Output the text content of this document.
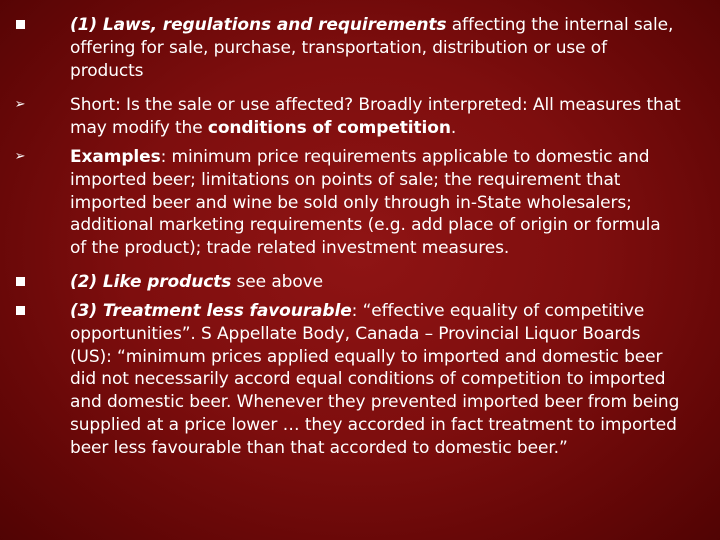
(1) Laws, regulations and requirements affecting the internal sale, offering for sale, purchase, transportation, distribution or use of products
➢	Short: Is the sale or use affected? Broadly interpreted: All measures that may modify the conditions of competition.
➢	Examples: minimum price requirements applicable to domestic and imported beer; limitations on points of sale; the requirement that imported beer and wine be sold only through in-State wholesalers; additional marketing requirements (e.g. add place of origin or formula of the product); trade related investment measures.
(2) Like products see above
(3) Treatment less favourable: “effective equality of competitive opportunities”. S Appellate Body, Canada – Provincial Liquor Boards (US): “minimum prices applied equally to imported and domestic beer did not necessarily accord equal conditions of competition to imported and domestic beer. Whenever they prevented imported beer from being supplied at a price lower … they accorded in fact treatment to imported beer less favourable than that accorded to domestic beer.”
